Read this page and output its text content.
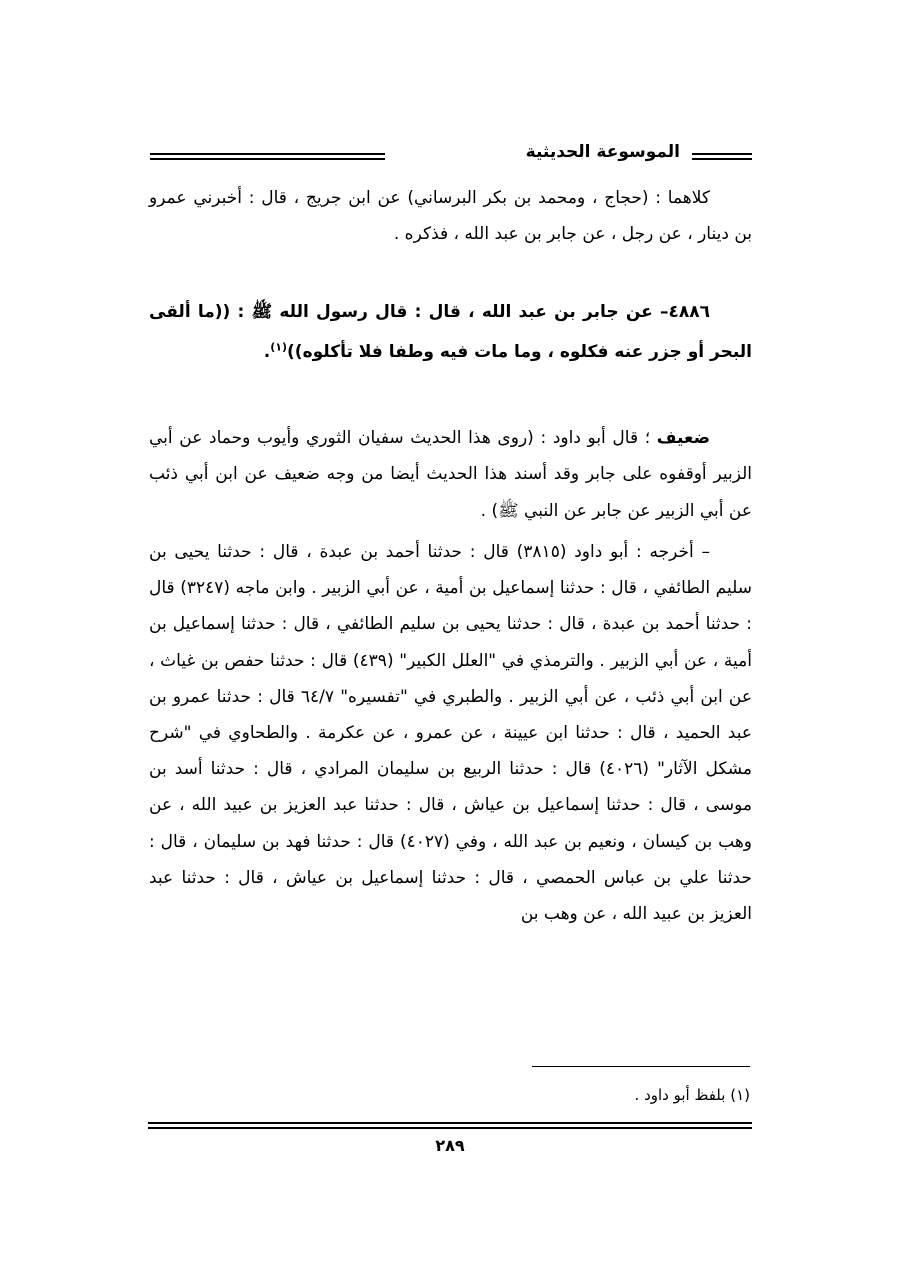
الموسوعة الحديثية
كلاهما : (حجاج ، ومحمد بن بكر البرساني) عن ابن جريج ، قال : أخبرني عمرو بن دينار ، عن رجل ، عن جابر بن عبد الله ، فذكره .
٤٨٨٦– عن جابر بن عبد الله ، قال : قال رسول الله ﷺ : ((ما ألقى البحر أو جزر عنه فكلوه ، وما مات فيه وطفا فلا تأكلوه))$^{(١)}$.
ضعيف ؛ قال أبو داود : (روى هذا الحديث سفيان الثوري وأيوب وحماد عن أبي الزبير أوقفوه على جابر وقد أسند هذا الحديث أيضا من وجه ضعيف عن ابن أبي ذئب عن أبي الزبير عن جابر عن النبي ﷺ) .
– أخرجه : أبو داود (٣٨١٥) قال : حدثنا أحمد بن عبدة ، قال : حدثنا يحيى بن سليم الطائفي ، قال : حدثنا إسماعيل بن أمية ، عن أبي الزبير . وابن ماجه (٣٢٤٧) قال : حدثنا أحمد بن عبدة ، قال : حدثنا يحيى بن سليم الطائفي ، قال : حدثنا إسماعيل بن أمية ، عن أبي الزبير . والترمذي في "العلل الكبير" (٤٣٩) قال : حدثنا حفص بن غياث ، عن ابن أبي ذئب ، عن أبي الزبير . والطبري في "تفسيره" ٦٤/٧ قال : حدثنا عمرو بن عبد الحميد ، قال : حدثنا ابن عيينة ، عن عمرو ، عن عكرمة . والطحاوي في "شرح مشكل الآثار" (٤٠٢٦) قال : حدثنا الربيع بن سليمان المرادي ، قال : حدثنا أسد بن موسى ، قال : حدثنا إسماعيل بن عياش ، قال : حدثنا عبد العزيز بن عبيد الله ، عن وهب بن كيسان ، ونعيم بن عبد الله ، وفي (٤٠٢٧) قال : حدثنا فهد بن سليمان ، قال : حدثنا علي بن عباس الحمصي ، قال : حدثنا إسماعيل بن عياش ، قال : حدثنا عبد العزيز بن عبيد الله ، عن وهب بن
(١) بلفظ أبو داود .
٢٨٩
